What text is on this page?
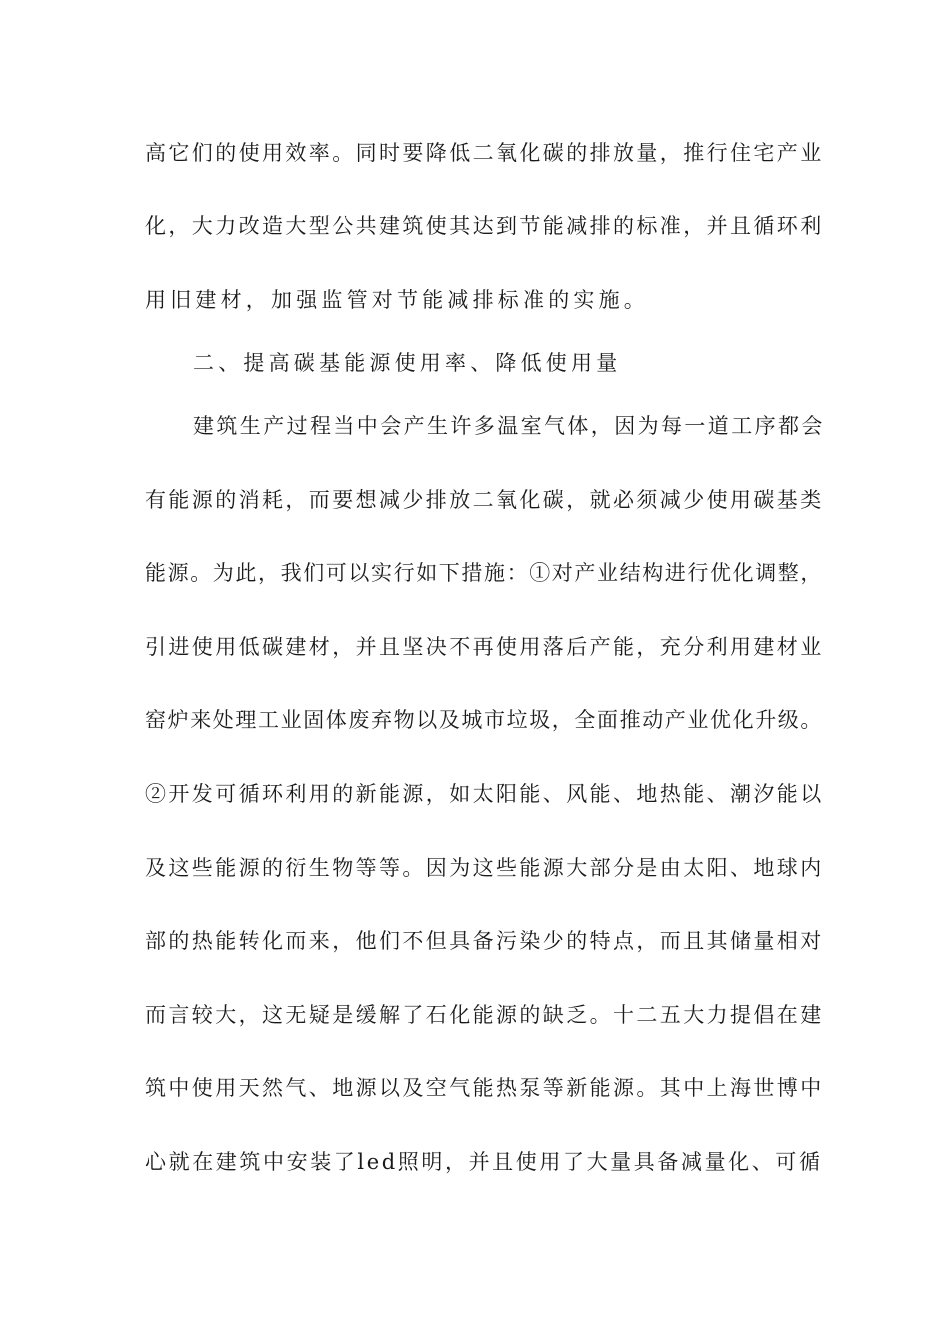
高它们的使用效率。同时要降低二氧化碳的排放量，推行住宅产业
化，大力改造大型公共建筑使其达到节能减排的标准，并且循环利
用旧建材，加强监管对节能减排标准的实施。
二、提高碳基能源使用率、降低使用量
建筑生产过程当中会产生许多温室气体，因为每一道工序都会
有能源的消耗，而要想减少排放二氧化碳，就必须减少使用碳基类
能源。为此，我们可以实行如下措施：①对产业结构进行优化调整，
引进使用低碳建材，并且坚决不再使用落后产能，充分利用建材业
窑炉来处理工业固体废弃物以及城市垃圾，全面推动产业优化升级。
②开发可循环利用的新能源，如太阳能、风能、地热能、潮汐能以
及这些能源的衍生物等等。因为这些能源大部分是由太阳、地球内
部的热能转化而来，他们不但具备污染少的特点，而且其储量相对
而言较大，这无疑是缓解了石化能源的缺乏。十二五大力提倡在建
筑中使用天然气、地源以及空气能热泵等新能源。其中上海世博中
心就在建筑中安装了led照明，并且使用了大量具备减量化、可循
